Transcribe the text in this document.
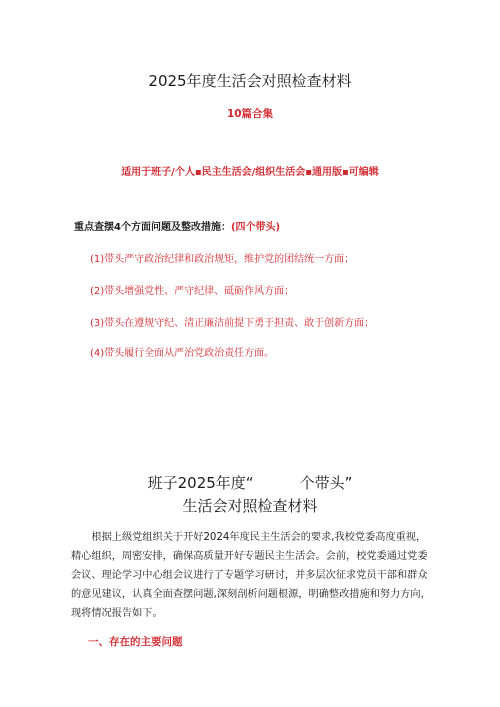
2025年度生活会对照检查材料
10篇合集
适用于班子/个人▪民主生活会/组织生活会▪通用版▪可编辑
重点查摆4个方面问题及整改措施：(四个带头)
(1)带头严守政治纪律和政治规矩，维护党的团结统一方面；
(2)带头增强党性、严守纪律、砥砺作风方面；
(3)带头在遵规守纪、清正廉洁前提下勇于担责、敢于创新方面；
(4)带头履行全面从严治党政治责任方面。
班子2025年度“	个带头”
生活会对照检查材料
根据上级党组织关于开好2024年度民主生活会的要求,我校党委高度重视，精心组织，周密安排，确保高质量开好专题民主生活会。会前，校党委通过党委会议、理论学习中心组会议进行了专题学习研讨，并多层次征求党员干部和群众的意见建议，认真全面查摆问题,深刻剖析问题根源，明确整改措施和努力方向，现将情况报告如下。
一、存在的主要问题
